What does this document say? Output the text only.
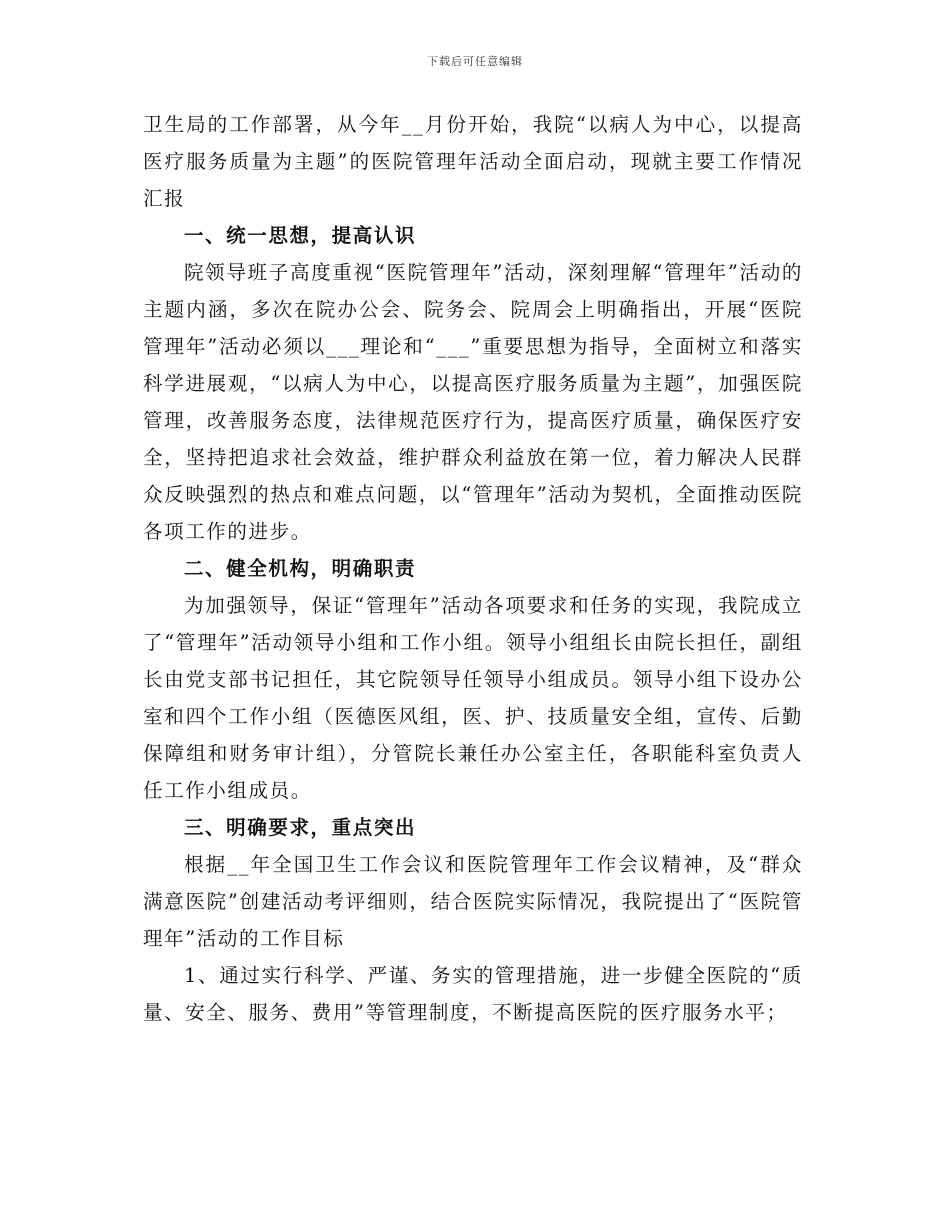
下载后可任意编辑

卫生局的工作部署，从今年__月份开始，我院“以病人为中心，以提高医疗服务质量为主题”的医院管理年活动全面启动，现就主要工作情况汇报

一、统一思想，提高认识

院领导班子高度重视“医院管理年”活动，深刻理解“管理年”活动的主题内涵，多次在院办公会、院务会、院周会上明确指出，开展“医院管理年”活动必须以___理论和“___”重要思想为指导，全面树立和落实科学进展观，“以病人为中心，以提高医疗服务质量为主题”，加强医院管理，改善服务态度，法律规范医疗行为，提高医疗质量，确保医疗安全，坚持把追求社会效益，维护群众利益放在第一位，着力解决人民群众反映强烈的热点和难点问题，以“管理年”活动为契机，全面推动医院各项工作的进步。

二、健全机构，明确职责

为加强领导，保证“管理年”活动各项要求和任务的实现，我院成立了“管理年”活动领导小组和工作小组。领导小组组长由院长担任，副组长由党支部书记担任，其它院领导任领导小组成员。领导小组下设办公室和四个工作小组（医德医风组，医、护、技质量安全组，宣传、后勤保障组和财务审计组），分管院长兼任办公室主任，各职能科室负责人任工作小组成员。

三、明确要求，重点突出

根据__年全国卫生工作会议和医院管理年工作会议精神，及“群众满意医院”创建活动考评细则，结合医院实际情况，我院提出了“医院管理年”活动的工作目标

1、通过实行科学、严谨、务实的管理措施，进一步健全医院的“质量、安全、服务、费用”等管理制度，不断提高医院的医疗服务水平；
